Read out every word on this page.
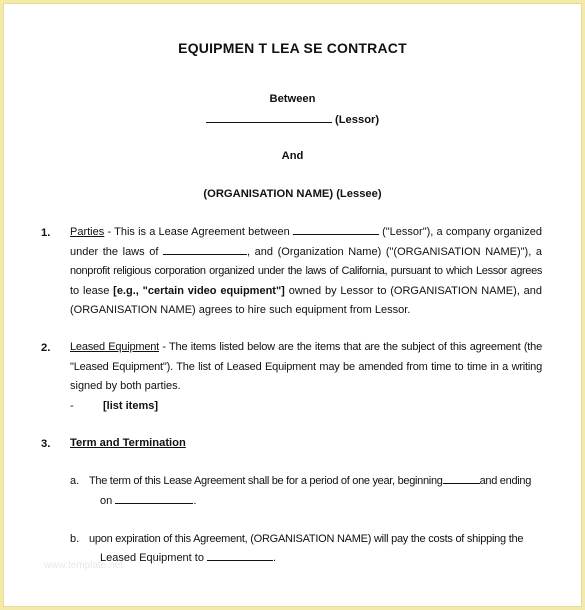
EQUIPMEN T LEA SE CONTRACT
Between
(Lessor)
And
(ORGANISATION NAME) (Lessee)
1. Parties - This is a Lease Agreement between	("Lessor"), a company organized
under the laws of	, and (Organization Name) ("(ORGANISATION NAME)"), a
nonprofit religious corporation organized under the laws of California, pursuant to which Lessor agrees
to lease [e.g., "certain video equipment"] owned by Lessor to (ORGANISATION NAME), and
(ORGANISATION NAME) agrees to hire such equipment from Lessor.
2. Leased Equipment - The items listed below are the items that are the subject of this agreement (the
"Leased Equipment"). The list of Leased Equipment may be amended from time to time in a writing
signed by both parties.
-	[list items]
3. Term and Termination
a. The term of this Lease Agreement shall be for a period of one year, beginning	and ending
on	.
b. upon expiration of this Agreement, (ORGANISATION NAME) will pay the costs of shipping the
Leased Equipment to	.
www.template.net
